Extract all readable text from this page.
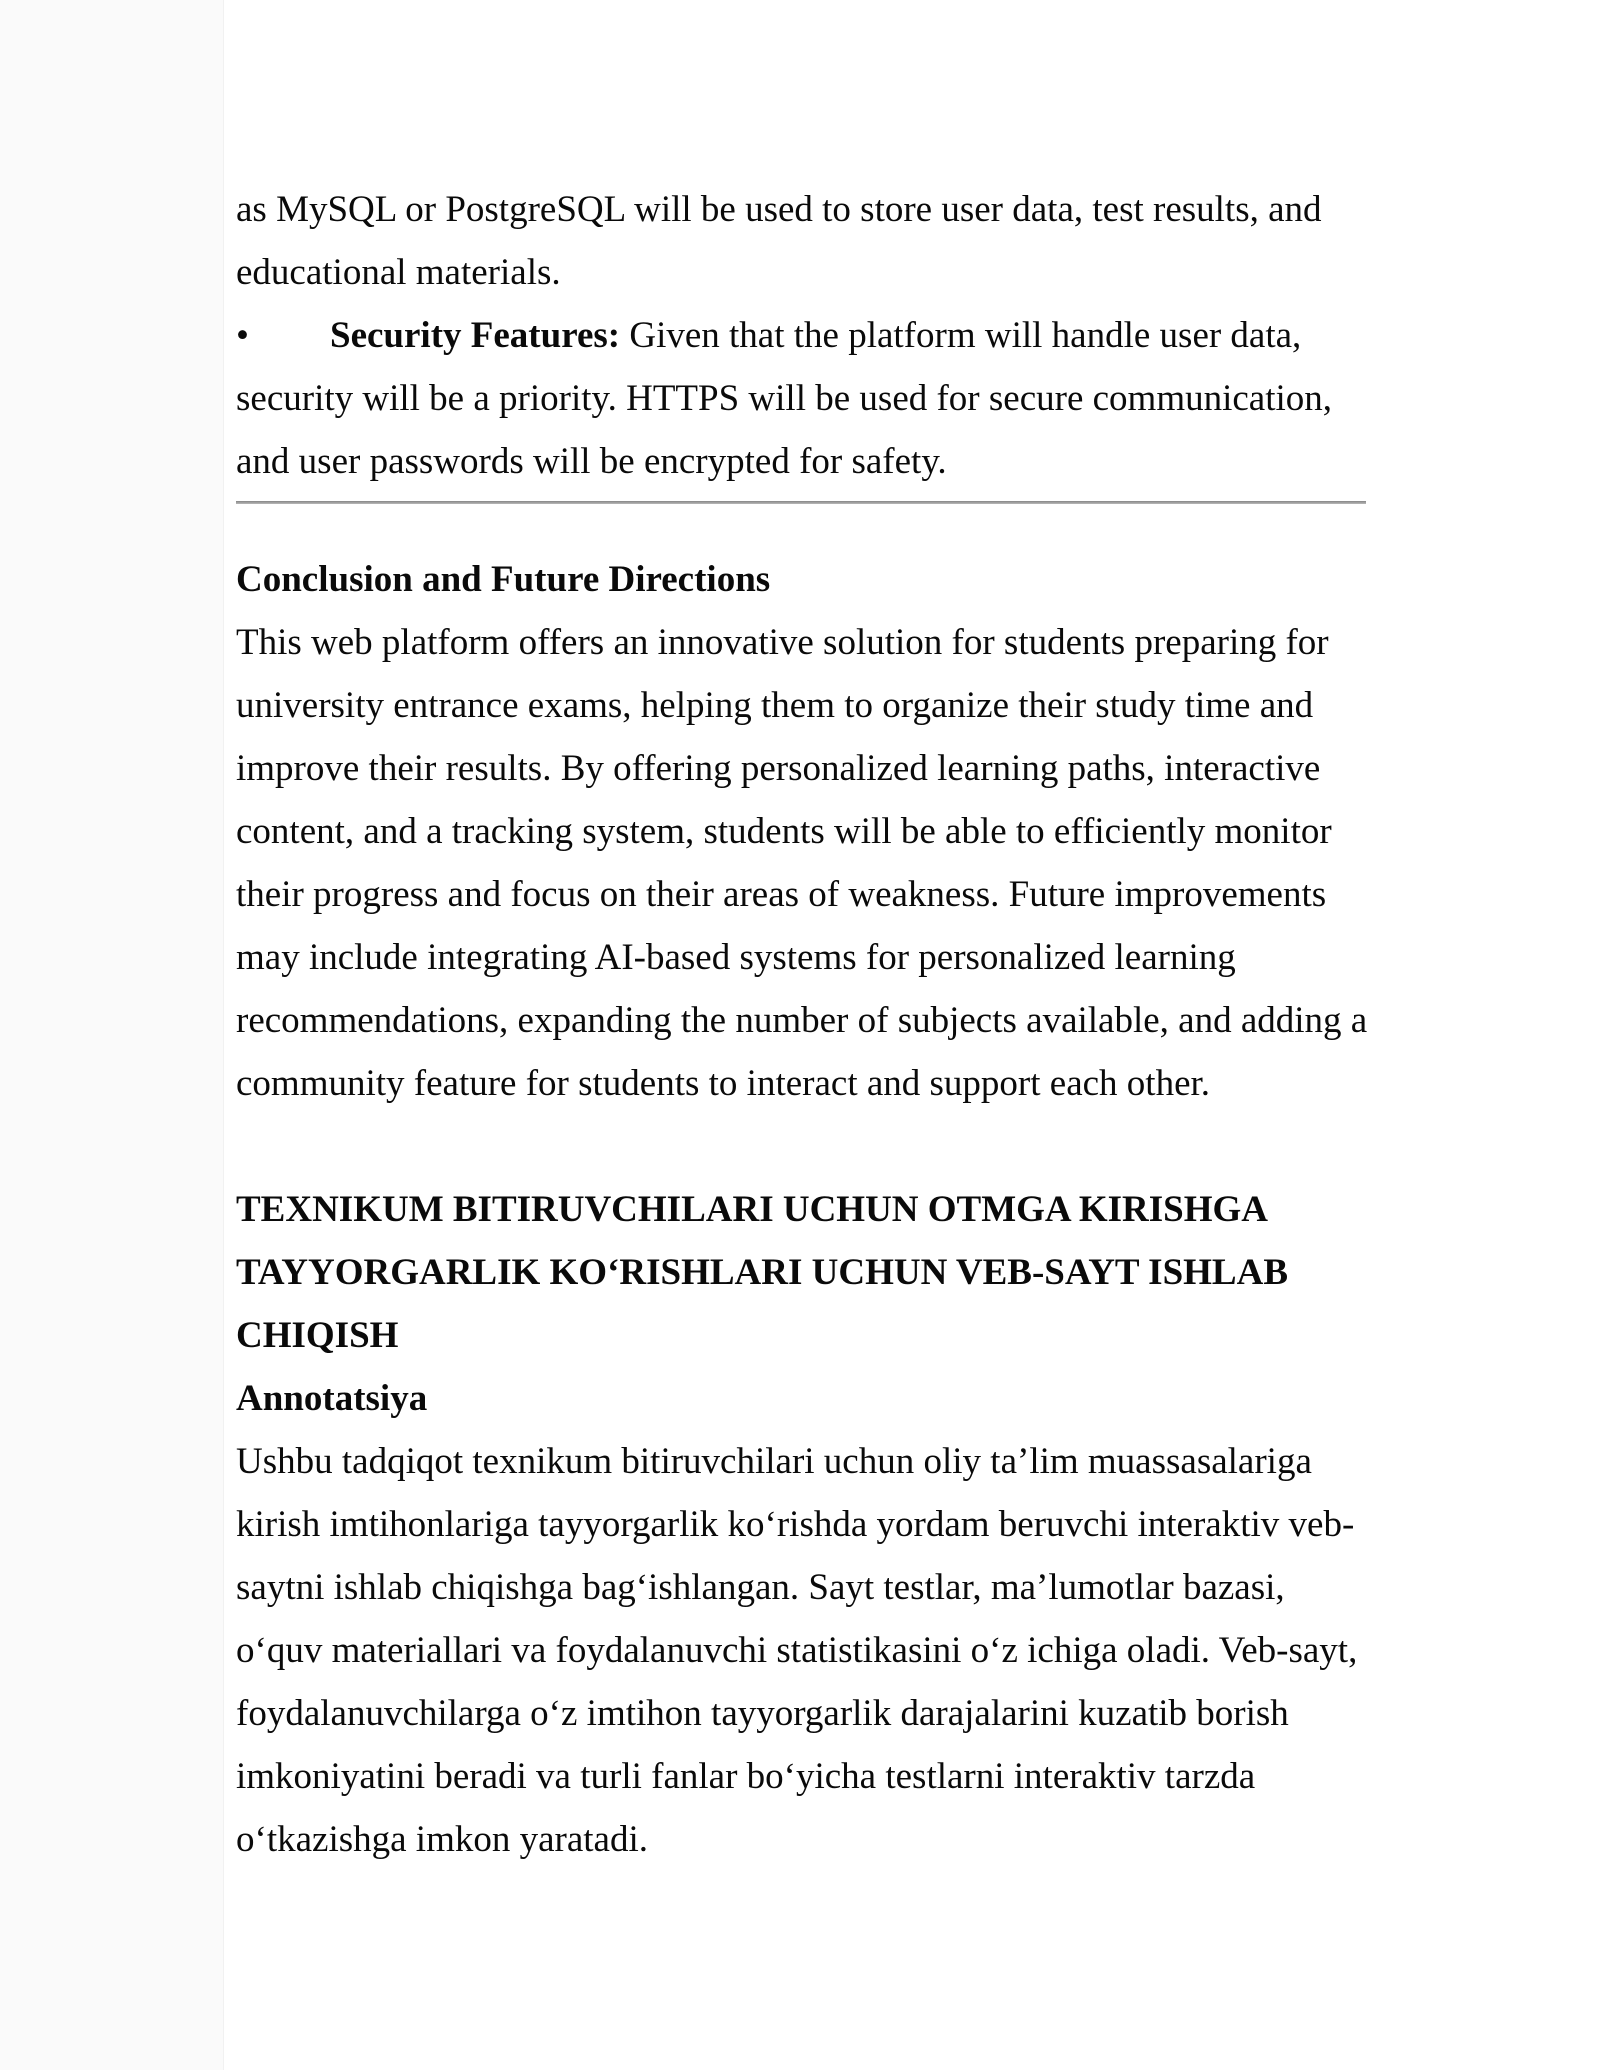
as MySQL or PostgreSQL will be used to store user data, test results, and
educational materials.
• Security Features: Given that the platform will handle user data,
security will be a priority. HTTPS will be used for secure communication,
and user passwords will be encrypted for safety.
Conclusion and Future Directions
This web platform offers an innovative solution for students preparing for
university entrance exams, helping them to organize their study time and
improve their results. By offering personalized learning paths, interactive
content, and a tracking system, students will be able to efficiently monitor
their progress and focus on their areas of weakness. Future improvements
may include integrating AI-based systems for personalized learning
recommendations, expanding the number of subjects available, and adding a
community feature for students to interact and support each other.
TEXNIKUM BITIRUVCHILARI UCHUN OTMGA KIRISHGA
TAYYORGARLIK KO‘RISHLARI UCHUN VEB-SAYT ISHLAB
CHIQISH
Annotatsiya
Ushbu tadqiqot texnikum bitiruvchilari uchun oliy ta’lim muassasalariga
kirish imtihonlariga tayyorgarlik ko‘rishda yordam beruvchi interaktiv veb-
saytni ishlab chiqishga bag‘ishlangan. Sayt testlar, ma’lumotlar bazasi,
o‘quv materiallari va foydalanuvchi statistikasini o‘z ichiga oladi. Veb-sayt,
foydalanuvchilarga o‘z imtihon tayyorgarlik darajalarini kuzatib borish
imkoniyatini beradi va turli fanlar bo‘yicha testlarni interaktiv tarzda
o‘tkazishga imkon yaratadi.
